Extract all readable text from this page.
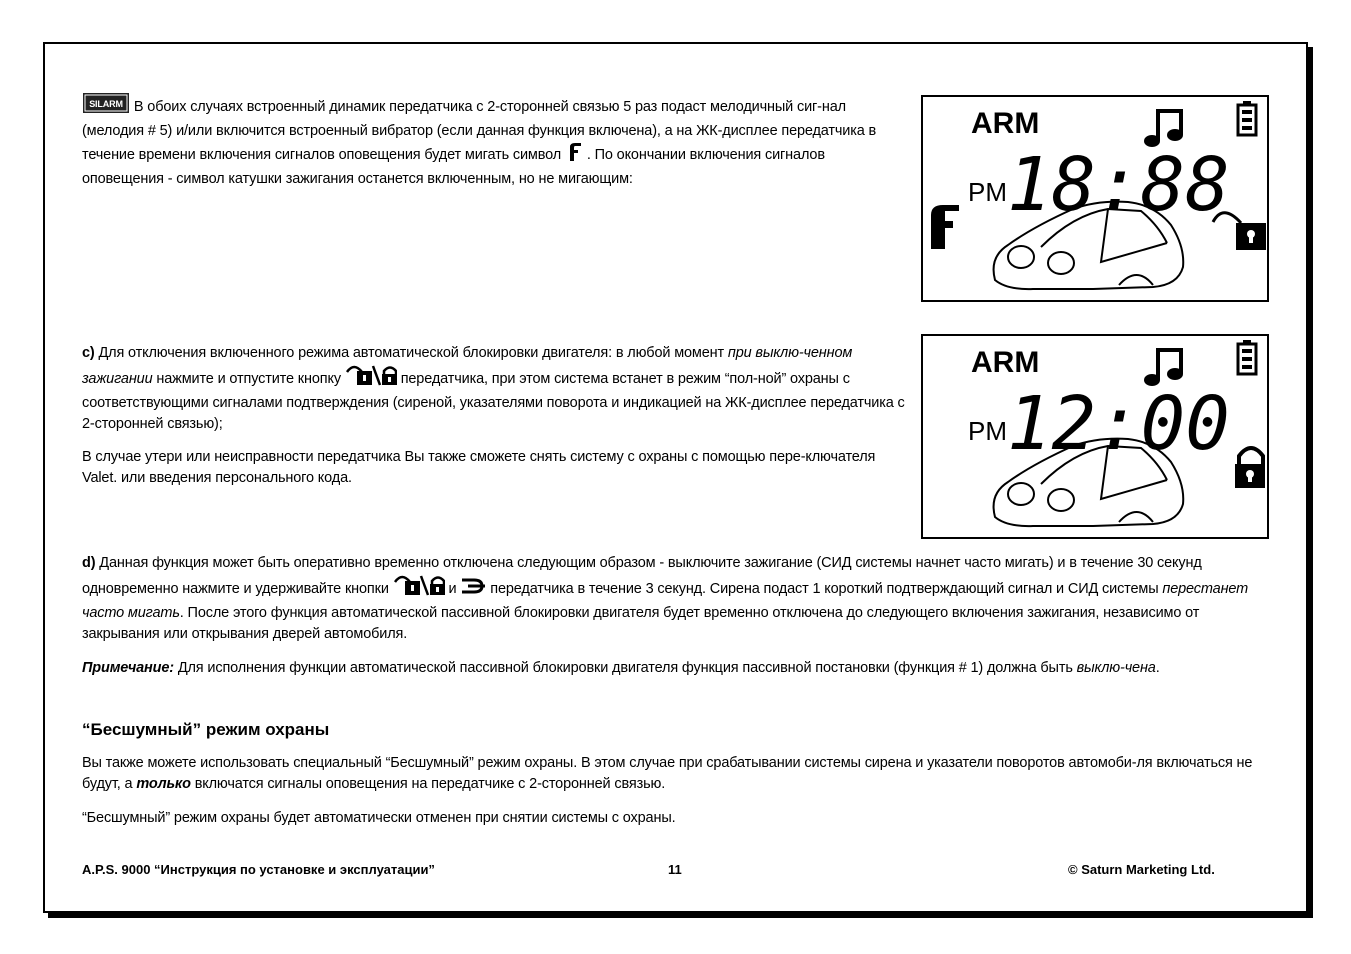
SILARM В обоих случаях встроенный динамик передатчика с 2-сторонней связью 5 раз подаст мелодичный сиг-нал (мелодия # 5) и/или включится встроенный вибратор (если данная функция включена), а на ЖК-дисплее передатчика в течение времени включения сигналов оповещения будет мигать символ . По окончании включения сигналов оповещения - символ катушки зажигания останется включенным, но не мигающим:

ARM
PM 18:88

c) Для отключения включенного режима автоматической блокировки двигателя: в любой момент при выклю-ченном зажигании нажмите и отпустите кнопку	передатчика, при этом система встанет в режим “пол-ной” охраны с соответствующими сигналами подтверждения (сиреной, указателями поворота и индикацией на ЖК-дисплее передатчика с 2-сторонней связью);

В случае утери или неисправности передатчика Вы также сможете снять систему с охраны с помощью пере-ключателя Valet. или введения персонального кода.

ARM
PM 12:00

d) Данная функция может быть оперативно временно отключена следующим образом - выключите зажигание (СИД системы начнет часто мигать) и в течение 30 секунд одновременно нажмите и удерживайте кнопки	и  передатчика в течение 3 секунд. Сирена подаст 1 короткий подтверждающий сигнал и СИД системы перестанет часто мигать. После этого функция автоматической пассивной блокировки двигателя будет временно отключена до следующего включения зажигания, независимо от закрывания или открывания дверей автомобиля.

Примечание: Для исполнения функции автоматической пассивной блокировки двигателя функция пассивной постановки (функция # 1) должна быть выклю-чена.

“Бесшумный” режим охраны

Вы также можете использовать специальный “Бесшумный” режим охраны. В этом случае при срабатывании системы сирена и указатели поворотов автомоби-ля включаться не будут, а только включатся сигналы оповещения на передатчике с 2-сторонней связью.

“Бесшумный” режим охраны будет автоматически отменен при снятии системы с охраны.

A.P.S. 9000 “Инструкция по установке и эксплуатации”	11	© Saturn Marketing Ltd.
